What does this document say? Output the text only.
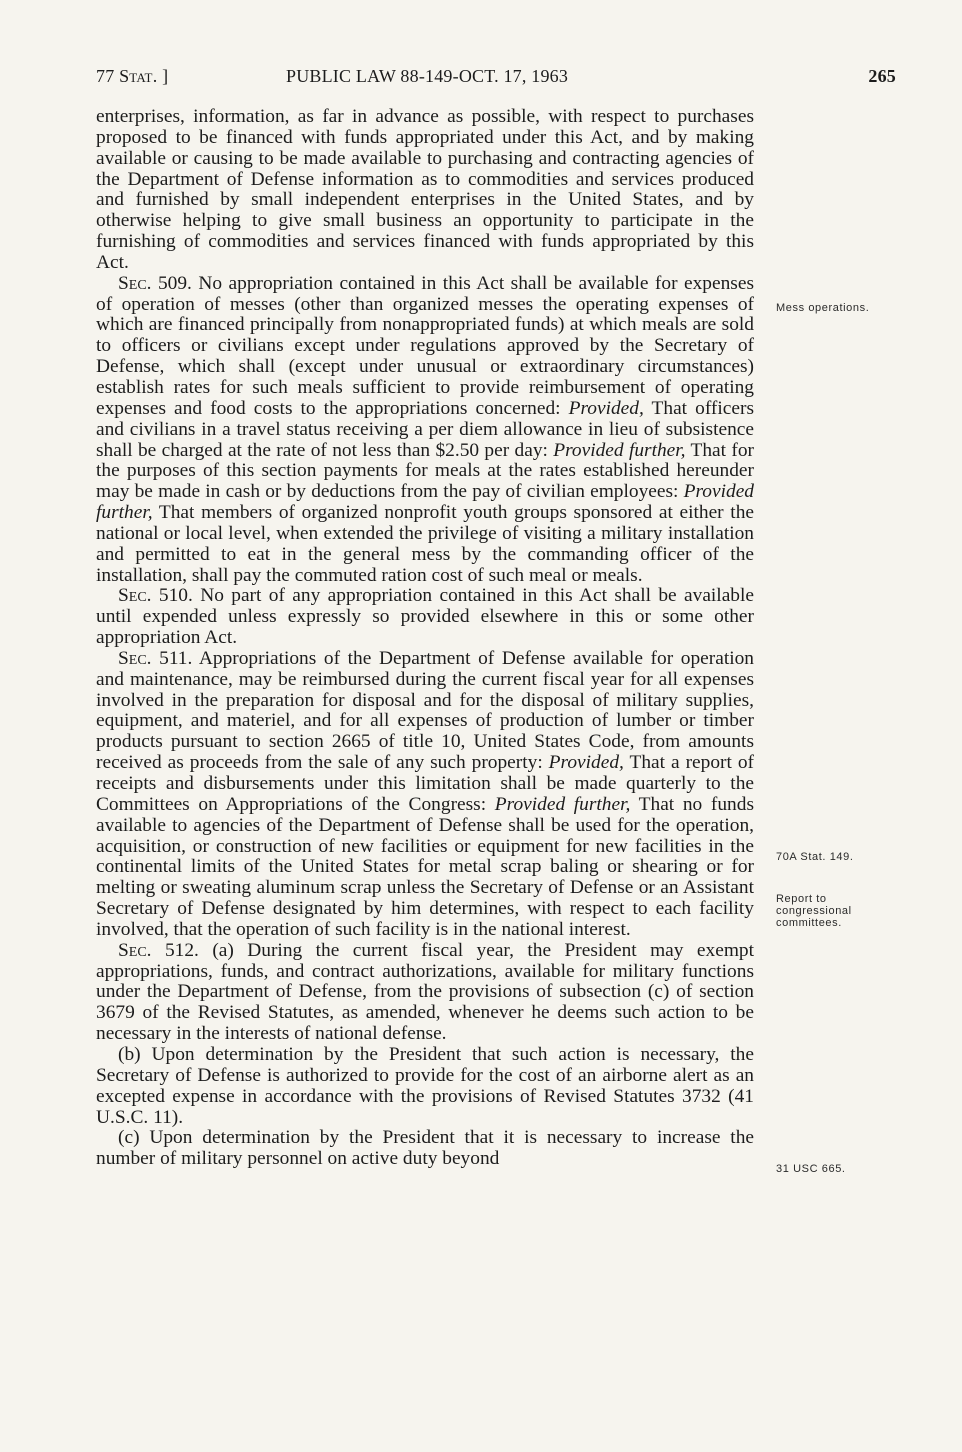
77 Stat. ]	PUBLIC LAW 88-149-OCT. 17, 1963	265

enterprises, information, as far in advance as possible, with respect to purchases proposed to be financed with funds appropriated under this Act, and by making available or causing to be made available to purchasing and contracting agencies of the Department of Defense information as to commodities and services produced and furnished by small independent enterprises in the United States, and by otherwise helping to give small business an opportunity to participate in the furnishing of commodities and services financed with funds appropriated by this Act.

Sec. 509. No appropriation contained in this Act shall be available for expenses of operation of messes (other than organized messes the operating expenses of which are financed principally from nonappropriated funds) at which meals are sold to officers or civilians except under regulations approved by the Secretary of Defense, which shall (except under unusual or extraordinary circumstances) establish rates for such meals sufficient to provide reimbursement of operating expenses and food costs to the appropriations concerned: Provided, That officers and civilians in a travel status receiving a per diem allowance in lieu of subsistence shall be charged at the rate of not less than $2.50 per day: Provided further, That for the purposes of this section payments for meals at the rates established hereunder may be made in cash or by deductions from the pay of civilian employees: Provided further, That members of organized nonprofit youth groups sponsored at either the national or local level, when extended the privilege of visiting a military installation and permitted to eat in the general mess by the commanding officer of the installation, shall pay the commuted ration cost of such meal or meals.

Sec. 510. No part of any appropriation contained in this Act shall be available until expended unless expressly so provided elsewhere in this or some other appropriation Act.

Sec. 511. Appropriations of the Department of Defense available for operation and maintenance, may be reimbursed during the current fiscal year for all expenses involved in the preparation for disposal and for the disposal of military supplies, equipment, and materiel, and for all expenses of production of lumber or timber products pursuant to section 2665 of title 10, United States Code, from amounts received as proceeds from the sale of any such property: Provided, That a report of receipts and disbursements under this limitation shall be made quarterly to the Committees on Appropriations of the Congress: Provided further, That no funds available to agencies of the Department of Defense shall be used for the operation, acquisition, or construction of new facilities or equipment for new facilities in the continental limits of the United States for metal scrap baling or shearing or for melting or sweating aluminum scrap unless the Secretary of Defense or an Assistant Secretary of Defense designated by him determines, with respect to each facility involved, that the operation of such facility is in the national interest.

Sec. 512. (a) During the current fiscal year, the President may exempt appropriations, funds, and contract authorizations, available for military functions under the Department of Defense, from the provisions of subsection (c) of section 3679 of the Revised Statutes, as amended, whenever he deems such action to be necessary in the interests of national defense.

(b) Upon determination by the President that such action is necessary, the Secretary of Defense is authorized to provide for the cost of an airborne alert as an excepted expense in accordance with the provisions of Revised Statutes 3732 (41 U.S.C. 11).

(c) Upon determination by the President that it is necessary to increase the number of military personnel on active duty beyond

Mess operations.
70A Stat. 149.
Report to congressional committees.
31 USC 665.
